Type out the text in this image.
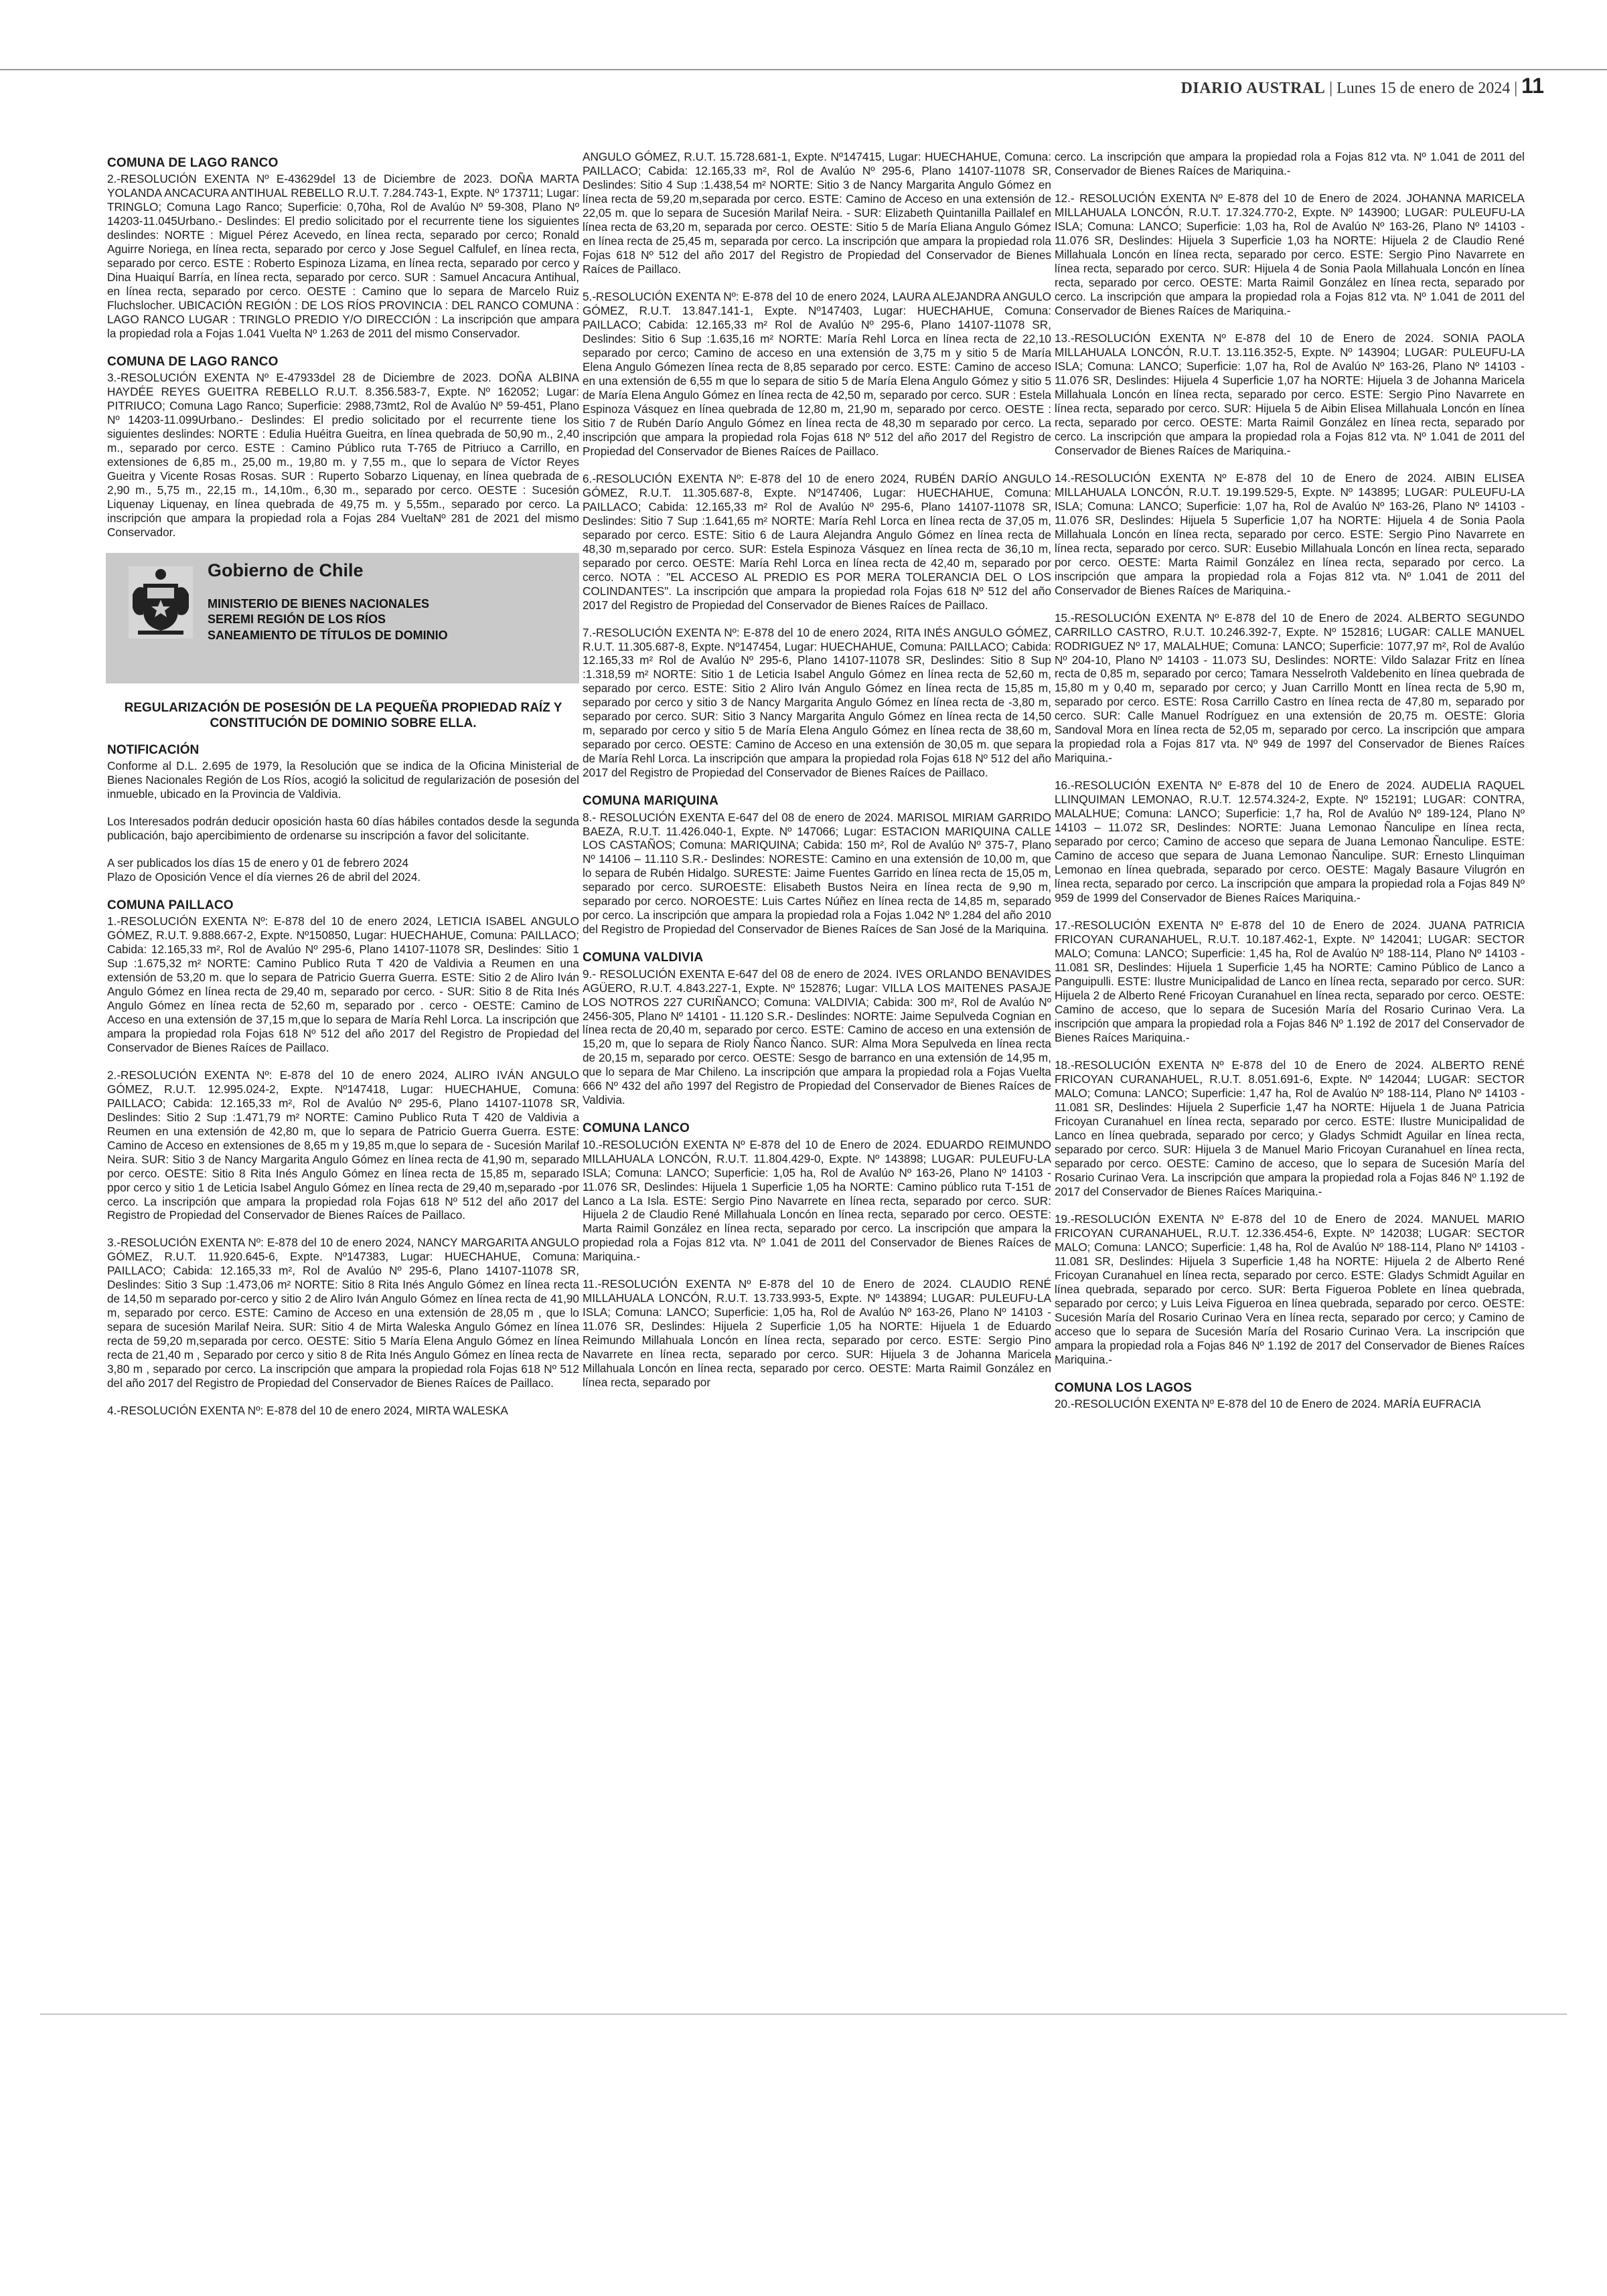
DIARIO AUSTRAL | Lunes 15 de enero de 2024 | 11
COMUNA DE LAGO RANCO

2.-RESOLUCIÓN EXENTA Nº E-43629del 13 de Diciembre de 2023. DOÑA MARTA YOLANDA ANCACURA ANTIHUAL REBELLO R.U.T. 7.284.743-1, Expte. Nº 173711; Lugar: TRINGLO; Comuna Lago Ranco; Superficie: 0,70ha, Rol de Avalúo Nº 59-308, Plano Nº 14203-11.045Urbano.- Deslindes: El predio solicitado por el recurrente tiene los siguientes deslindes: NORTE : Miguel Pérez Acevedo, en línea recta, separado por cerco; Ronald Aguirre Noriega, en línea recta, separado por cerco y Jose Seguel Calfulef, en línea recta, separado por cerco. ESTE : Roberto Espinoza Lizama, en línea recta, separado por cerco y Dina Huaiquí Barría, en línea recta, separado por cerco. SUR : Samuel Ancacura Antihual, en línea recta, separado por cerco. OESTE : Camino que lo separa de Marcelo Ruiz Fluchslocher. UBICACIÓN REGIÓN : DE LOS RÍOS PROVINCIA : DEL RANCO COMUNA : LAGO RANCO LUGAR : TRINGLO PREDIO Y/O DIRECCIÓN : La inscripción que ampara la propiedad rola a Fojas 1.041 Vuelta Nº 1.263 de 2011 del mismo Conservador.

COMUNA DE LAGO RANCO

3.-RESOLUCIÓN EXENTA Nº E-47933del 28 de Diciembre de 2023. DOÑA ALBINA HAYDÉE REYES GUEITRA REBELLO R.U.T. 8.356.583-7, Expte. Nº 162052; Lugar: PITRIUCO; Comuna Lago Ranco; Superficie: 2988,73mt2, Rol de Avalúo Nº 59-451, Plano Nº 14203-11.099Urbano.- Deslindes: El predio solicitado por el recurrente tiene los siguientes deslindes: NORTE : Edulia Huéitra Gueitra, en línea quebrada de 50,90 m., 2,40 m., separado por cerco. ESTE : Camino Público ruta T-765 de Pitriuco a Carrillo, en extensiones de 6,85 m., 25,00 m., 19,80 m. y 7,55 m., que lo separa de Víctor Reyes Gueitra y Vicente Rosas Rosas. SUR : Ruperto Sobarzo Liquenay, en línea quebrada de 2,90 m., 5,75 m., 22,15 m., 14,10m., 6,30 m., separado por cerco. OESTE : Sucesión Liquenay Liquenay, en línea quebrada de 49,75 m. y 5,55m., separado por cerco. La inscripción que ampara la propiedad rola a Fojas 284 VueltaNº 281 de 2021 del mismo Conservador.

Gobierno de Chile
MINISTERIO DE BIENES NACIONALES
SEREMI REGIÓN DE LOS RÍOS
SANEAMIENTO DE TÍTULOS DE DOMINIO
REGULARIZACIÓN DE POSESIÓN DE LA PEQUEÑA PROPIEDAD RAÍZ Y CONSTITUCIÓN DE DOMINIO SOBRE ELLA.
NOTIFICACIÓN

Conforme al D.L. 2.695 de 1979, la Resolución que se indica de la Oficina Ministerial de Bienes Nacionales Región de Los Ríos, acogió la solicitud de regularización de posesión del inmueble, ubicado en la Provincia de Valdivia.

Los Interesados podrán deducir oposición hasta 60 días hábiles contados desde la segunda publicación, bajo apercibimiento de ordenarse su inscripción a favor del solicitante.

A ser publicados los días 15 de enero y 01 de febrero 2024
Plazo de Oposición Vence el día viernes 26 de abril del 2024.

COMUNA PAILLACO

1.-RESOLUCIÓN EXENTA Nº: E-878 del 10 de enero 2024, LETICIA ISABEL ANGULO GÓMEZ, R.U.T. 9.888.667-2, Expte. Nº150850, Lugar: HUECHAHUE, Comuna: PAILLACO; Cabida: 12.165,33 m², Rol de Avalúo Nº 295-6, Plano 14107-11078 SR, Deslindes: Sitio 1 Sup :1.675,32 m² NORTE: Camino Publico Ruta T 420 de Valdivia a Reumen en una extensión de 53,20 m. que lo separa de Patricio Guerra Guerra. ESTE: Sitio 2 de Aliro Iván Angulo Gómez en línea recta de 29,40 m, separado por cerco. - SUR: Sitio 8 de Rita Inés Angulo Gómez en línea recta de 52,60 m, separado por . cerco - OESTE: Camino de Acceso en una extensión de 37,15 m,que lo separa de María Rehl Lorca. La inscripción que ampara la propiedad rola Fojas 618 Nº 512 del año 2017 del Registro de Propiedad del Conservador de Bienes Raíces de Paillaco.

2.-RESOLUCIÓN EXENTA Nº: E-878 del 10 de enero 2024, ALIRO IVÁN ANGULO GÓMEZ, R.U.T. 12.995.024-2, Expte. Nº147418, Lugar: HUECHAHUE, Comuna: PAILLACO; Cabida: 12.165,33 m², Rol de Avalúo Nº 295-6, Plano 14107-11078 SR, Deslindes: Sitio 2 Sup :1.471,79 m² NORTE: Camino Publico Ruta T 420 de Valdivia a Reumen en una extensión de 42,80 m, que lo separa de Patricio Guerra Guerra. ESTE: Camino de Acceso en extensiones de 8,65 m y 19,85 m,que lo separa de - Sucesión Marilaf Neira. SUR: Sitio 3 de Nancy Margarita Angulo Gómez en línea recta de 41,90 m, separado por cerco. OESTE: Sitio 8 Rita Inés Angulo Gómez en línea recta de 15,85 m, separado ppor cerco y sitio 1 de Leticia Isabel Angulo Gómez en línea recta de 29,40 m,separado -por cerco. La inscripción que ampara la propiedad rola Fojas 618 Nº 512 del año 2017 del Registro de Propiedad del Conservador de Bienes Raíces de Paillaco.

3.-RESOLUCIÓN EXENTA Nº: E-878 del 10 de enero 2024, NANCY MARGARITA ANGULO GÓMEZ, R.U.T. 11.920.645-6, Expte. Nº147383, Lugar: HUECHAHUE, Comuna: PAILLACO; Cabida: 12.165,33 m², Rol de Avalúo Nº 295-6, Plano 14107-11078 SR, Deslindes: Sitio 3 Sup :1.473,06 m² NORTE: Sitio 8 Rita Inés Angulo Gómez en línea recta de 14,50 m separado por-cerco y sitio 2 de Aliro Iván Angulo Gómez en línea recta de 41,90 m, separado por cerco. ESTE: Camino de Acceso en una extensión de 28,05 m , que lo separa de sucesión Marilaf Neira. SUR: Sitio 4 de Mirta Waleska Angulo Gómez en línea recta de 59,20 m,separada por cerco. OESTE: Sitio 5 María Elena Angulo Gómez en línea recta de 21,40 m , Separado por cerco y sitio 8 de Rita Inés Angulo Gómez en línea recta de 3,80 m , separado por cerco. La inscripción que ampara la propiedad rola Fojas 618 Nº 512 del año 2017 del Registro de Propiedad del Conservador de Bienes Raíces de Paillaco.

4.-RESOLUCIÓN EXENTA Nº: E-878 del 10 de enero 2024, MIRTA WALESKA

ANGULO GÓMEZ, R.U.T. 15.728.681-1, Expte. Nº147415, Lugar: HUECHAHUE, Comuna: PAILLACO; Cabida: 12.165,33 m², Rol de Avalúo Nº 295-6, Plano 14107-11078 SR, Deslindes: Sitio 4 Sup :1.438,54 m² NORTE: Sitio 3 de Nancy Margarita Angulo Gómez en línea recta de 59,20 m,separada por cerco. ESTE: Camino de Acceso en una extensión de 22,05 m. que lo separa de Sucesión Marilaf Neira. - SUR: Elizabeth Quintanilla Paillalef en línea recta de 63,20 m, separada por cerco. OESTE: Sitio 5 de María Eliana Angulo Gómez en línea recta de 25,45 m, separada por cerco. La inscripción que ampara la propiedad rola Fojas 618 Nº 512 del año 2017 del Registro de Propiedad del Conservador de Bienes Raíces de Paillaco.

5.-RESOLUCIÓN EXENTA Nº: E-878 del 10 de enero 2024, LAURA ALEJANDRA ANGULO GÓMEZ, R.U.T. 13.847.141-1, Expte. Nº147403, Lugar: HUECHAHUE, Comuna: PAILLACO; Cabida: 12.165,33 m² Rol de Avalúo Nº 295-6, Plano 14107-11078 SR, Deslindes: Sitio 6 Sup :1.635,16 m² NORTE: María Rehl Lorca en línea recta de 22,10 separado por cerco; Camino de acceso en una extensión de 3,75 m y sitio 5 de María Elena Angulo Gómezen línea recta de 8,85 separado por cerco. ESTE: Camino de acceso en una extensión de 6,55 m que lo separa de sitio 5 de María Elena Angulo Gómez y sitio 5 de María Elena Angulo Gómez en línea recta de 42,50 m, separado por cerco. SUR : Estela Espinoza Vásquez en línea quebrada de 12,80 m, 21,90 m, separado por cerco. OESTE : Sitio 7 de Rubén Darío Angulo Gómez en línea recta de 48,30 m separado por cerco. La inscripción que ampara la propiedad rola Fojas 618 Nº 512 del año 2017 del Registro de Propiedad del Conservador de Bienes Raíces de Paillaco.

6.-RESOLUCIÓN EXENTA Nº: E-878 del 10 de enero 2024, RUBÉN DARÍO ANGULO GÓMEZ, R.U.T. 11.305.687-8, Expte. Nº147406, Lugar: HUECHAHUE, Comuna: PAILLACO; Cabida: 12.165,33 m² Rol de Avalúo Nº 295-6, Plano 14107-11078 SR, Deslindes: Sitio 7 Sup :1.641,65 m² NORTE: María Rehl Lorca en línea recta de 37,05 m, separado por cerco. ESTE: Sitio 6 de Laura Alejandra Angulo Gómez en línea recta de 48,30 m,separado por cerco. SUR: Estela Espinoza Vásquez en línea recta de 36,10 m, separado por cerco. OESTE: María Rehl Lorca en línea recta de 42,40 m, separado por cerco. NOTA : "EL ACCESO AL PREDIO ES POR MERA TOLERANCIA DEL O LOS COLINDANTES". La inscripción que ampara la propiedad rola Fojas 618 Nº 512 del año 2017 del Registro de Propiedad del Conservador de Bienes Raíces de Paillaco.

7.-RESOLUCIÓN EXENTA Nº: E-878 del 10 de enero 2024, RITA INÉS ANGULO GÓMEZ, R.U.T. 11.305.687-8, Expte. Nº147454, Lugar: HUECHAHUE, Comuna: PAILLACO; Cabida: 12.165,33 m² Rol de Avalúo Nº 295-6, Plano 14107-11078 SR, Deslindes: Sitio 8 Sup :1.318,59 m² NORTE: Sitio 1 de Leticia Isabel Angulo Gómez en línea recta de 52,60 m, separado por cerco. ESTE: Sitio 2 Aliro Iván Angulo Gómez en línea recta de 15,85 m, separado por cerco y sitio 3 de Nancy Margarita Angulo Gómez en línea recta de -3,80 m, separado por cerco. SUR: Sitio 3 Nancy Margarita Angulo Gómez en línea recta de 14,50 m, separado por cerco y sitio 5 de María Elena Angulo Gómez en línea recta de 38,60 m, separado por cerco. OESTE: Camino de Acceso en una extensión de 30,05 m. que separa de María Rehl Lorca. La inscripción que ampara la propiedad rola Fojas 618 Nº 512 del año 2017 del Registro de Propiedad del Conservador de Bienes Raíces de Paillaco.

COMUNA MARIQUINA

8.- RESOLUCIÓN EXENTA E-647 del 08 de enero de 2024. MARISOL MIRIAM GARRIDO BAEZA, R.U.T. 11.426.040-1, Expte. Nº 147066; Lugar: ESTACION MARIQUINA CALLE LOS CASTAÑOS; Comuna: MARIQUINA; Cabida: 150 m², Rol de Avalúo Nº 375-7, Plano Nº 14106 – 11.110 S.R.- Deslindes: NORESTE: Camino en una extensión de 10,00 m, que lo separa de Rubén Hidalgo. SURESTE: Jaime Fuentes Garrido en línea recta de 15,05 m, separado por cerco. SUROESTE: Elisabeth Bustos Neira en línea recta de 9,90 m, separado por cerco. NOROESTE: Luis Cartes Núñez en línea recta de 14,85 m, separado por cerco. La inscripción que ampara la propiedad rola a Fojas 1.042 Nº 1.284 del año 2010 del Registro de Propiedad del Conservador de Bienes Raíces de San José de la Mariquina.

COMUNA VALDIVIA

9.- RESOLUCIÓN EXENTA E-647 del 08 de enero de 2024. IVES ORLANDO BENAVIDES AGÜERO, R.U.T. 4.843.227-1, Expte. Nº 152876; Lugar: VILLA LOS MAITENES PASAJE LOS NOTROS 227 CURIÑANCO; Comuna: VALDIVIA; Cabida: 300 m², Rol de Avalúo Nº 2456-305, Plano Nº 14101 - 11.120 S.R.- Deslindes: NORTE: Jaime Sepulveda Cognian en línea recta de 20,40 m, separado por cerco. ESTE: Camino de acceso en una extensión de 15,20 m, que lo separa de Rioly Ñanco Ñanco. SUR: Alma Mora Sepulveda en línea recta de 20,15 m, separado por cerco. OESTE: Sesgo de barranco en una extensión de 14,95 m, que lo separa de Mar Chileno. La inscripción que ampara la propiedad rola a Fojas Vuelta 666 Nº 432 del año 1997 del Registro de Propiedad del Conservador de Bienes Raíces de Valdivia.

COMUNA LANCO

10.-RESOLUCIÓN EXENTA Nº E-878 del 10 de Enero de 2024. EDUARDO REIMUNDO MILLAHUALA LONCÓN, R.U.T. 11.804.429-0, Expte. Nº 143898; LUGAR: PULEUFU-LA ISLA; Comuna: LANCO; Superficie: 1,05 ha, Rol de Avalúo Nº 163-26, Plano Nº 14103 - 11.076 SR, Deslindes: Hijuela 1 Superficie 1,05 ha NORTE: Camino público ruta T-151 de Lanco a La Isla. ESTE: Sergio Pino Navarrete en línea recta, separado por cerco. SUR: Hijuela 2 de Claudio René Millahuala Loncón en línea recta, separado por cerco. OESTE: Marta Raimil González en línea recta, separado por cerco. La inscripción que ampara la propiedad rola a Fojas 812 vta. Nº 1.041 de 2011 del Conservador de Bienes Raíces de Mariquina.-

11.-RESOLUCIÓN EXENTA Nº E-878 del 10 de Enero de 2024. CLAUDIO RENÉ MILLAHUALA LONCÓN, R.U.T. 13.733.993-5, Expte. Nº 143894; LUGAR: PULEUFU-LA ISLA; Comuna: LANCO; Superficie: 1,05 ha, Rol de Avalúo Nº 163-26, Plano Nº 14103 - 11.076 SR, Deslindes: Hijuela 2 Superficie 1,05 ha NORTE: Hijuela 1 de Eduardo Reimundo Millahuala Loncón en línea recta, separado por cerco. ESTE: Sergio Pino Navarrete en línea recta, separado por cerco. SUR: Hijuela 3 de Johanna Maricela Millahuala Loncón en línea recta, separado por cerco. OESTE: Marta Raimil González en línea recta, separado por

cerco. La inscripción que ampara la propiedad rola a Fojas 812 vta. Nº 1.041 de 2011 del Conservador de Bienes Raíces de Mariquina.-

12.- RESOLUCIÓN EXENTA Nº E-878 del 10 de Enero de 2024. JOHANNA MARICELA MILLAHUALA LONCÓN, R.U.T. 17.324.770-2, Expte. Nº 143900; LUGAR: PULEUFU-LA ISLA; Comuna: LANCO; Superficie: 1,03 ha, Rol de Avalúo Nº 163-26, Plano Nº 14103 - 11.076 SR, Deslindes: Hijuela 3 Superficie 1,03 ha NORTE: Hijuela 2 de Claudio René Millahuala Loncón en línea recta, separado por cerco. ESTE: Sergio Pino Navarrete en línea recta, separado por cerco. SUR: Hijuela 4 de Sonia Paola Millahuala Loncón en línea recta, separado por cerco. OESTE: Marta Raimil González en línea recta, separado por cerco. La inscripción que ampara la propiedad rola a Fojas 812 vta. Nº 1.041 de 2011 del Conservador de Bienes Raíces de Mariquina.-

13.-RESOLUCIÓN EXENTA Nº E-878 del 10 de Enero de 2024. SONIA PAOLA MILLAHUALA LONCÓN, R.U.T. 13.116.352-5, Expte. Nº 143904; LUGAR: PULEUFU-LA ISLA; Comuna: LANCO; Superficie: 1,07 ha, Rol de Avalúo Nº 163-26, Plano Nº 14103 - 11.076 SR, Deslindes: Hijuela 4 Superficie 1,07 ha NORTE: Hijuela 3 de Johanna Maricela Millahuala Loncón en línea recta, separado por cerco. ESTE: Sergio Pino Navarrete en línea recta, separado por cerco. SUR: Hijuela 5 de Aibin Elisea Millahuala Loncón en línea recta, separado por cerco. OESTE: Marta Raimil González en línea recta, separado por cerco. La inscripción que ampara la propiedad rola a Fojas 812 vta. Nº 1.041 de 2011 del Conservador de Bienes Raíces de Mariquina.-

14.-RESOLUCIÓN EXENTA Nº E-878 del 10 de Enero de 2024. AIBIN ELISEA MILLAHUALA LONCÓN, R.U.T. 19.199.529-5, Expte. Nº 143895; LUGAR: PULEUFU-LA ISLA; Comuna: LANCO; Superficie: 1,07 ha, Rol de Avalúo Nº 163-26, Plano Nº 14103 - 11.076 SR, Deslindes: Hijuela 5 Superficie 1,07 ha NORTE: Hijuela 4 de Sonia Paola Millahuala Loncón en línea recta, separado por cerco. ESTE: Sergio Pino Navarrete en línea recta, separado por cerco. SUR: Eusebio Millahuala Loncón en línea recta, separado por cerco. OESTE: Marta Raimil González en línea recta, separado por cerco. La inscripción que ampara la propiedad rola a Fojas 812 vta. Nº 1.041 de 2011 del Conservador de Bienes Raíces de Mariquina.-

15.-RESOLUCIÓN EXENTA Nº E-878 del 10 de Enero de 2024. ALBERTO SEGUNDO CARRILLO CASTRO, R.U.T. 10.246.392-7, Expte. Nº 152816; LUGAR: CALLE MANUEL RODRIGUEZ Nº 17, MALALHUE; Comuna: LANCO; Superficie: 1077,97 m², Rol de Avalúo Nº 204-10, Plano Nº 14103 - 11.073 SU, Deslindes: NORTE: Vildo Salazar Fritz en línea recta de 0,85 m, separado por cerco; Tamara Nesselroth Valdebenito en línea quebrada de 15,80 m y 0,40 m, separado por cerco; y Juan Carrillo Montt en línea recta de 5,90 m, separado por cerco. ESTE: Rosa Carrillo Castro en línea recta de 47,80 m, separado por cerco. SUR: Calle Manuel Rodríguez en una extensión de 20,75 m. OESTE: Gloria Sandoval Mora en línea recta de 52,05 m, separado por cerco. La inscripción que ampara la propiedad rola a Fojas 817 vta. Nº 949 de 1997 del Conservador de Bienes Raíces Mariquina.-

16.-RESOLUCIÓN EXENTA Nº E-878 del 10 de Enero de 2024. AUDELIA RAQUEL LLINQUIMAN LEMONAO, R.U.T. 12.574.324-2, Expte. Nº 152191; LUGAR: CONTRA, MALALHUE; Comuna: LANCO; Superficie: 1,7 ha, Rol de Avalúo Nº 189-124, Plano Nº 14103 – 11.072 SR, Deslindes: NORTE: Juana Lemonao Ñanculipe en línea recta, separado por cerco; Camino de acceso que separa de Juana Lemonao Ñanculipe. ESTE: Camino de acceso que separa de Juana Lemonao Ñanculipe. SUR: Ernesto Llinquiman Lemonao en línea quebrada, separado por cerco. OESTE: Magaly Basaure Vilugrón en línea recta, separado por cerco. La inscripción que ampara la propiedad rola a Fojas 849 Nº 959 de 1999 del Conservador de Bienes Raíces Mariquina.-

17.-RESOLUCIÓN EXENTA Nº E-878 del 10 de Enero de 2024. JUANA PATRICIA FRICOYAN CURANAHUEL, R.U.T. 10.187.462-1, Expte. Nº 142041; LUGAR: SECTOR MALO; Comuna: LANCO; Superficie: 1,45 ha, Rol de Avalúo Nº 188-114, Plano Nº 14103 - 11.081 SR, Deslindes: Hijuela 1 Superficie 1,45 ha NORTE: Camino Público de Lanco a Panguipulli. ESTE: Ilustre Municipalidad de Lanco en línea recta, separado por cerco. SUR: Hijuela 2 de Alberto René Fricoyan Curanahuel en línea recta, separado por cerco. OESTE: Camino de acceso, que lo separa de Sucesión María del Rosario Curinao Vera. La inscripción que ampara la propiedad rola a Fojas 846 Nº 1.192 de 2017 del Conservador de Bienes Raíces Mariquina.-

18.-RESOLUCIÓN EXENTA Nº E-878 del 10 de Enero de 2024. ALBERTO RENÉ FRICOYAN CURANAHUEL, R.U.T. 8.051.691-6, Expte. Nº 142044; LUGAR: SECTOR MALO; Comuna: LANCO; Superficie: 1,47 ha, Rol de Avalúo Nº 188-114, Plano Nº 14103 - 11.081 SR, Deslindes: Hijuela 2 Superficie 1,47 ha NORTE: Hijuela 1 de Juana Patricia Fricoyan Curanahuel en línea recta, separado por cerco. ESTE: Ilustre Municipalidad de Lanco en línea quebrada, separado por cerco; y Gladys Schmidt Aguilar en línea recta, separado por cerco. SUR: Hijuela 3 de Manuel Mario Fricoyan Curanahuel en línea recta, separado por cerco. OESTE: Camino de acceso, que lo separa de Sucesión María del Rosario Curinao Vera. La inscripción que ampara la propiedad rola a Fojas 846 Nº 1.192 de 2017 del Conservador de Bienes Raíces Mariquina.-

19.-RESOLUCIÓN EXENTA Nº E-878 del 10 de Enero de 2024. MANUEL MARIO FRICOYAN CURANAHUEL, R.U.T. 12.336.454-6, Expte. Nº 142038; LUGAR: SECTOR MALO; Comuna: LANCO; Superficie: 1,48 ha, Rol de Avalúo Nº 188-114, Plano Nº 14103 - 11.081 SR, Deslindes: Hijuela 3 Superficie 1,48 ha NORTE: Hijuela 2 de Alberto René Fricoyan Curanahuel en línea recta, separado por cerco. ESTE: Gladys Schmidt Aguilar en línea quebrada, separado por cerco. SUR: Berta Figueroa Poblete en línea quebrada, separado por cerco; y Luis Leiva Figueroa en línea quebrada, separado por cerco. OESTE: Sucesión María del Rosario Curinao Vera en línea recta, separado por cerco; y Camino de acceso que lo separa de Sucesión María del Rosario Curinao Vera. La inscripción que ampara la propiedad rola a Fojas 846 Nº 1.192 de 2017 del Conservador de Bienes Raíces Mariquina.-

COMUNA LOS LAGOS

20.-RESOLUCIÓN EXENTA Nº E-878 del 10 de Enero de 2024. MARÍA EUFRACIA
